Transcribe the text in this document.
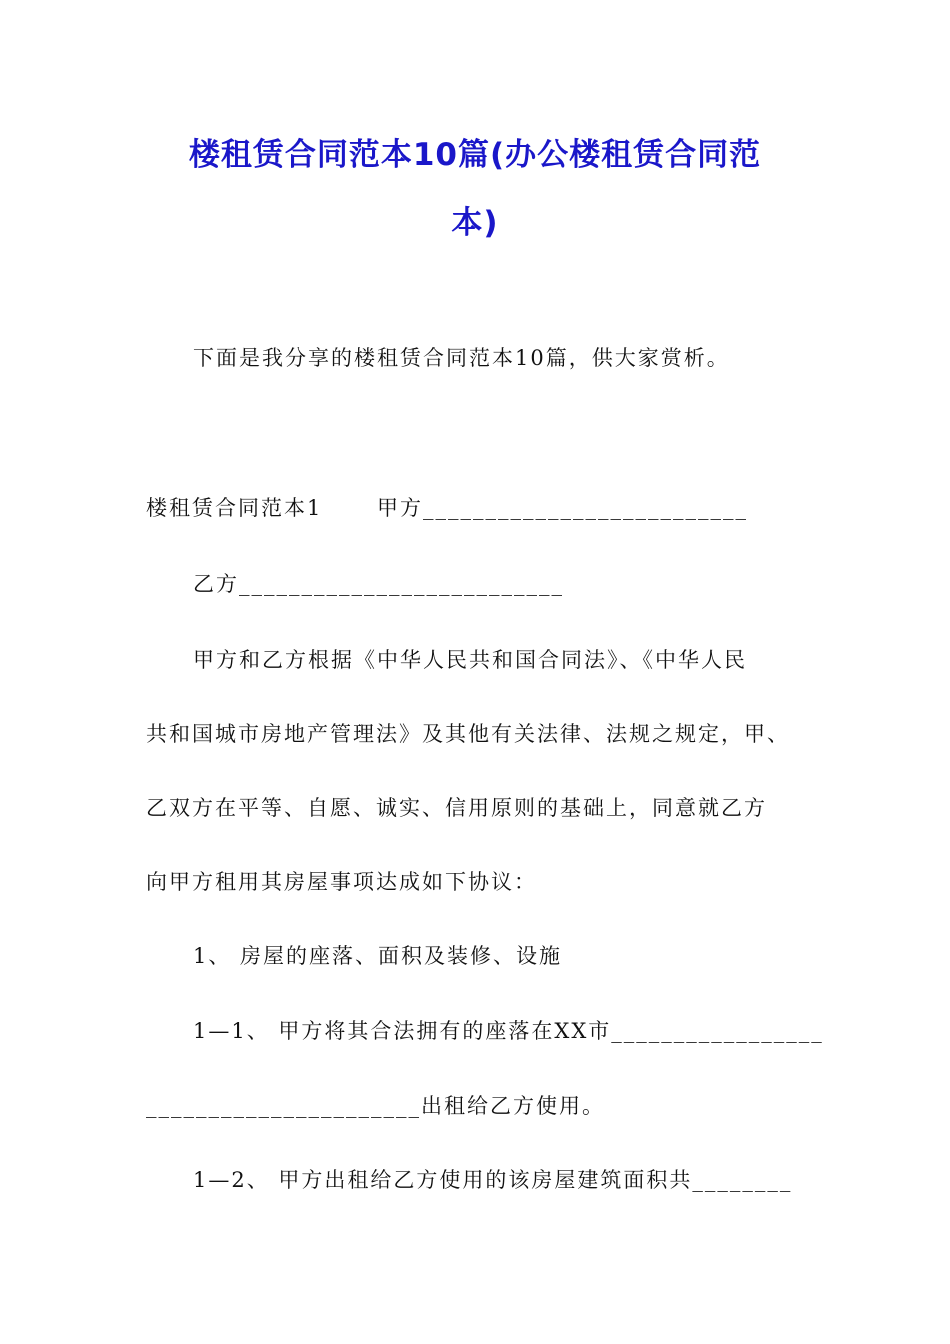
楼租赁合同范本10篇(办公楼租赁合同范
本)

下面是我分享的楼租赁合同范本10篇，供大家赏析。

楼租赁合同范本1　　 甲方__________________________

乙方__________________________

甲方和乙方根据《中华人民共和国合同法》、《中华人民

共和国城市房地产管理法》及其他有关法律、法规之规定，甲、

乙双方在平等、自愿、诚实、信用原则的基础上，同意就乙方

向甲方租用其房屋事项达成如下协议：

1、 房屋的座落、面积及装修、设施

1—1、 甲方将其合法拥有的座落在XX市_________________

______________________出租给乙方使用。

1—2、 甲方出租给乙方使用的该房屋建筑面积共________
